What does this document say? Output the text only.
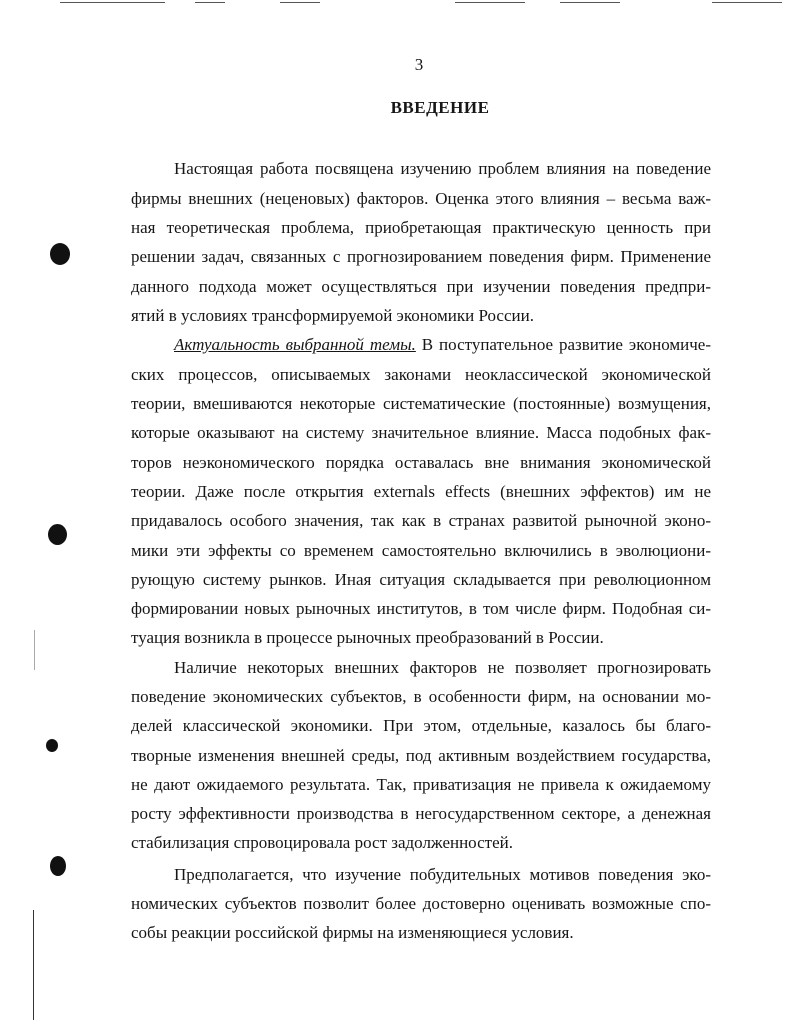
3
ВВЕДЕНИЕ
Настоящая работа посвящена изучению проблем влияния на поведение
фирмы внешних (неценовых) факторов. Оценка этого влияния – весьма важ-
ная теоретическая проблема, приобретающая практическую ценность при
решении задач, связанных с прогнозированием поведения фирм. Применение
данного подхода может осуществляться при изучении поведения предпри-
ятий в условиях трансформируемой экономики России.
Актуальность выбранной темы. В поступательное развитие экономиче-
ских процессов, описываемых законами неоклассической экономической
теории, вмешиваются некоторые систематические (постоянные) возмущения,
которые оказывают на систему значительное влияние. Масса подобных фак-
торов неэкономического порядка оставалась вне внимания экономической
теории. Даже после открытия externals effects (внешних эффектов) им не
придавалось особого значения, так как в странах развитой рыночной эконо-
мики эти эффекты со временем самостоятельно включились в эволюциони-
рующую систему рынков. Иная ситуация складывается при революционном
формировании новых рыночных институтов, в том числе фирм. Подобная си-
туация возникла в процессе рыночных преобразований в России.
Наличие некоторых внешних факторов не позволяет прогнозировать
поведение экономических субъектов, в особенности фирм, на основании мо-
делей классической экономики. При этом, отдельные, казалось бы благо-
творные изменения внешней среды, под активным воздействием государства,
не дают ожидаемого результата. Так, приватизация не привела к ожидаемому
росту эффективности производства в негосударственном секторе, а денежная
стабилизация спровоцировала рост задолженностей.
Предполагается, что изучение побудительных мотивов поведения эко-
номических субъектов позволит более достоверно оценивать возможные спо-
собы реакции российской фирмы на изменяющиеся условия.
